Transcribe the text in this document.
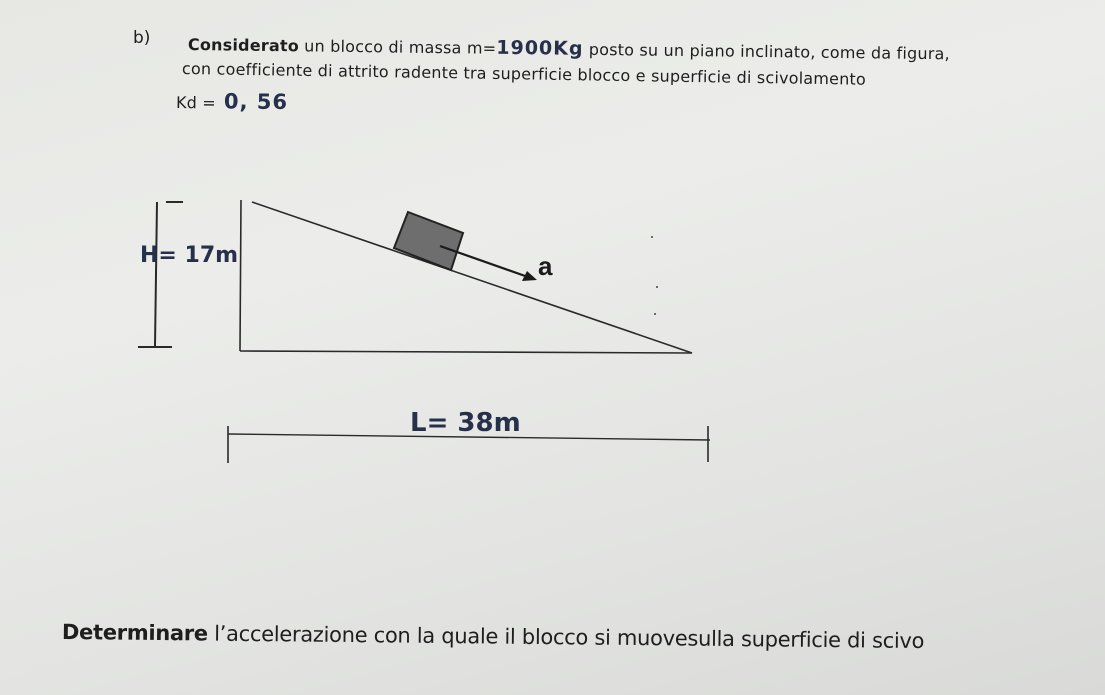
b) Considerato un blocco di massa m=1900Kg posto su un piano inclinato, come da figura,
con coefficiente di attrito radente tra superficie blocco e superficie di scivolamento
Kd = 0, 56
H= 17m	a
L= 38m
Determinare l’accelerazione con la quale il blocco si muovesulla superficie di scivo
